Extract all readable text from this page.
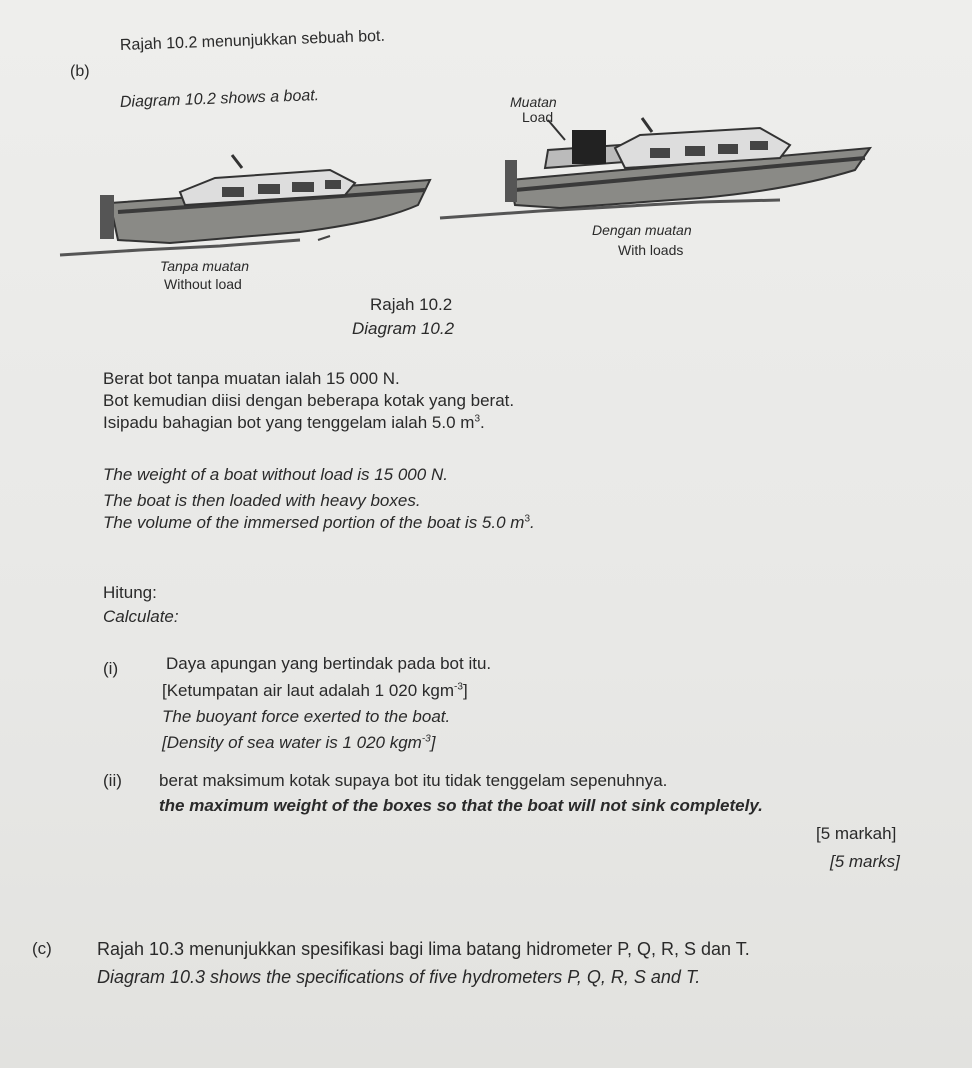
(b)
Rajah 10.2 menunjukkan sebuah bot.
Diagram 10.2 shows a boat.	Muatan
Load
Tanpa muatan
Without load
Dengan muatan
With loads
Rajah 10.2
Diagram 10.2
Berat bot tanpa muatan ialah 15 000 N.
Bot kemudian diisi dengan beberapa kotak yang berat.
Isipadu bahagian bot yang tenggelam ialah 5.0 $m^3$.
The weight of a boat without load is 15 000 N.
The boat is then loaded with heavy boxes.
The volume of the immersed portion of the boat is 5.0 $m^3$.
Hitung:
Calculate:
(i)	Daya apungan yang bertindak pada bot itu.
[Ketumpatan air laut adalah 1 020 kgm$^{-3}$]
The buoyant force exerted to the boat.
[Density of sea water is 1 020 kgm$^{-3}$]
(ii) berat maksimum kotak supaya bot itu tidak tenggelam sepenuhnya.
the maximum weight of the boxes so that the boat will not sink completely.
[5 markah]
[5 marks]
(c)	Rajah 10.3 menunjukkan spesifikasi bagi lima batang hidrometer P, Q, R, S dan T.
Diagram 10.3 shows the specifications of five hydrometers P, Q, R, S and T.
